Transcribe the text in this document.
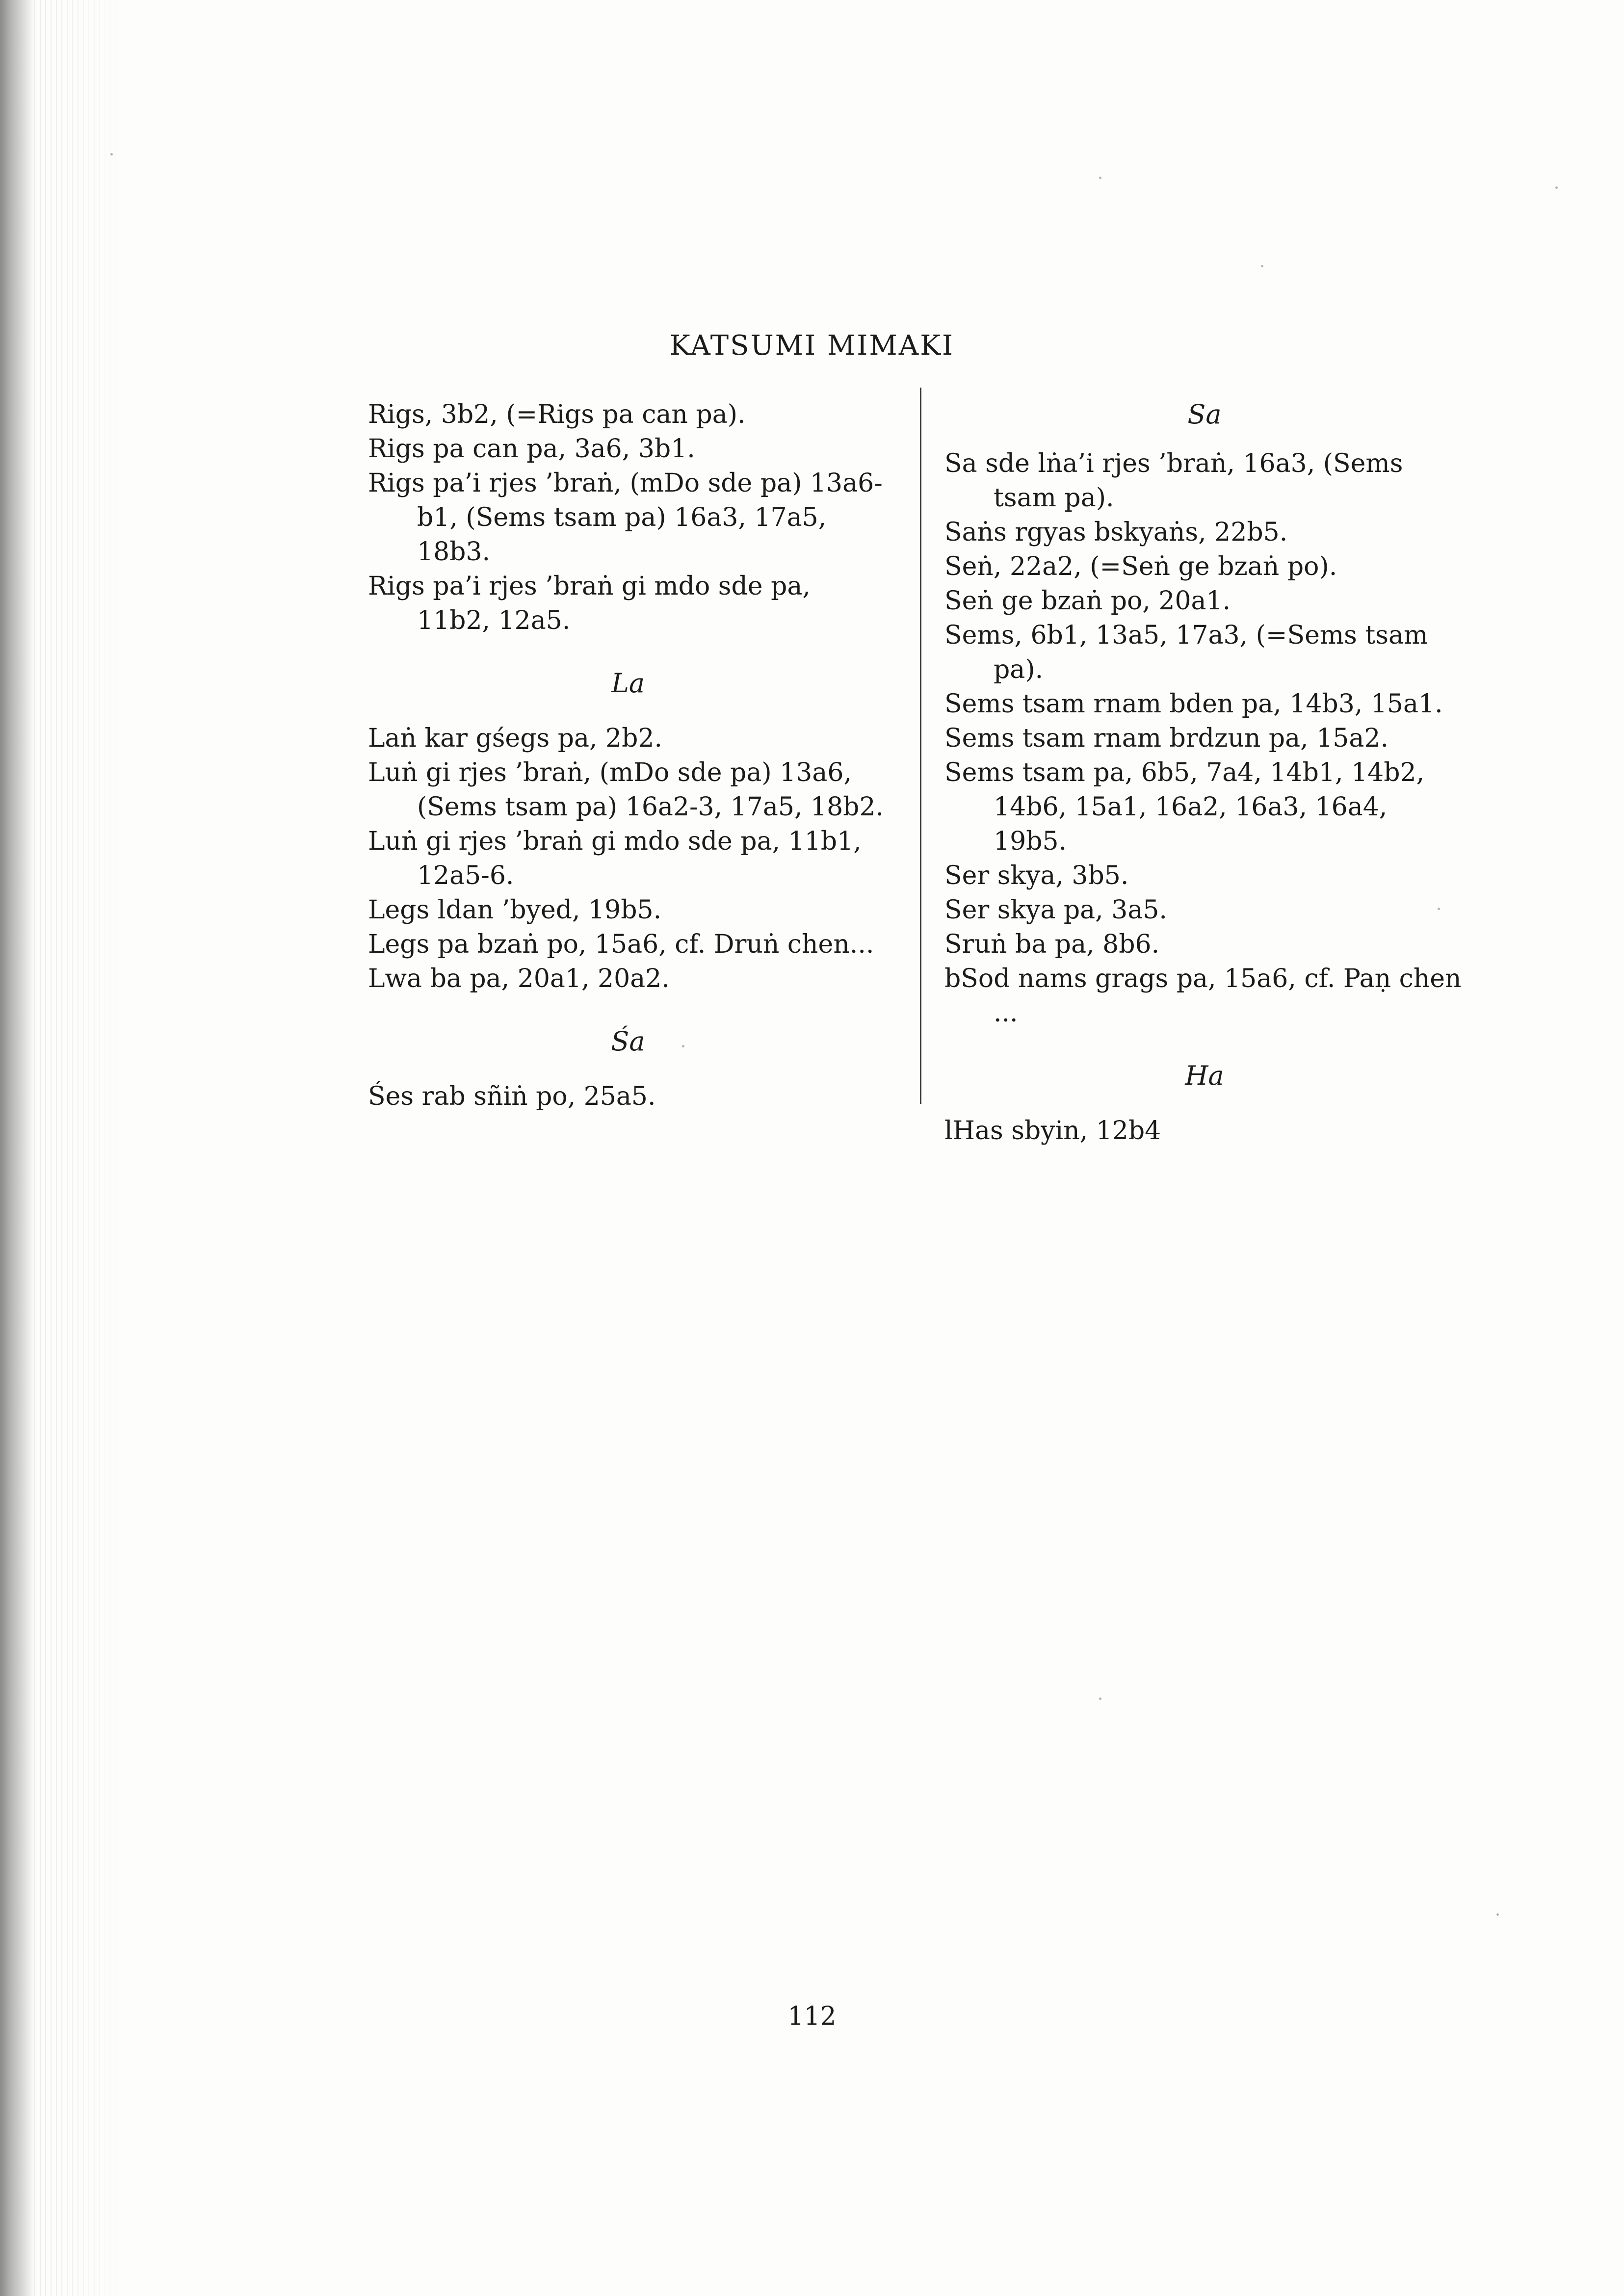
KATSUMI MIMAKI

Rigs, 3b2, (=Rigs pa can pa).

Rigs pa can pa, 3a6, 3b1.

Rigs pa’i rjes ’braṅ, (mDo sde pa) 13a6-b1, (Sems tsam pa) 16a3, 17a5, 18b3.

Rigs pa’i rjes ’braṅ gi mdo sde pa, 11b2, 12a5.

La

Laṅ kar gśegs pa, 2b2.

Luṅ gi rjes ’braṅ, (mDo sde pa) 13a6, (Sems tsam pa) 16a2-3, 17a5, 18b2.

Luṅ gi rjes ’braṅ gi mdo sde pa, 11b1, 12a5-6.

Legs ldan ’byed, 19b5.

Legs pa bzaṅ po, 15a6, cf. Druṅ chen...

Lwa ba pa, 20a1, 20a2.

Śa

Śes rab sñiṅ po, 25a5.

Sa

Sa sde lṅa’i rjes ’braṅ, 16a3, (Sems tsam pa).

Saṅs rgyas bskyaṅs, 22b5.

Seṅ, 22a2, (=Seṅ ge bzaṅ po).

Seṅ ge bzaṅ po, 20a1.

Sems, 6b1, 13a5, 17a3, (=Sems tsam pa).

Sems tsam rnam bden pa, 14b3, 15a1.

Sems tsam rnam brdzun pa, 15a2.

Sems tsam pa, 6b5, 7a4, 14b1, 14b2, 14b6, 15a1, 16a2, 16a3, 16a4, 19b5.

Ser skya, 3b5.

Ser skya pa, 3a5.

Sruṅ ba pa, 8b6.

bSod nams grags pa, 15a6, cf. Paṇ chen ...

Ha

lHas sbyin, 12b4

112
